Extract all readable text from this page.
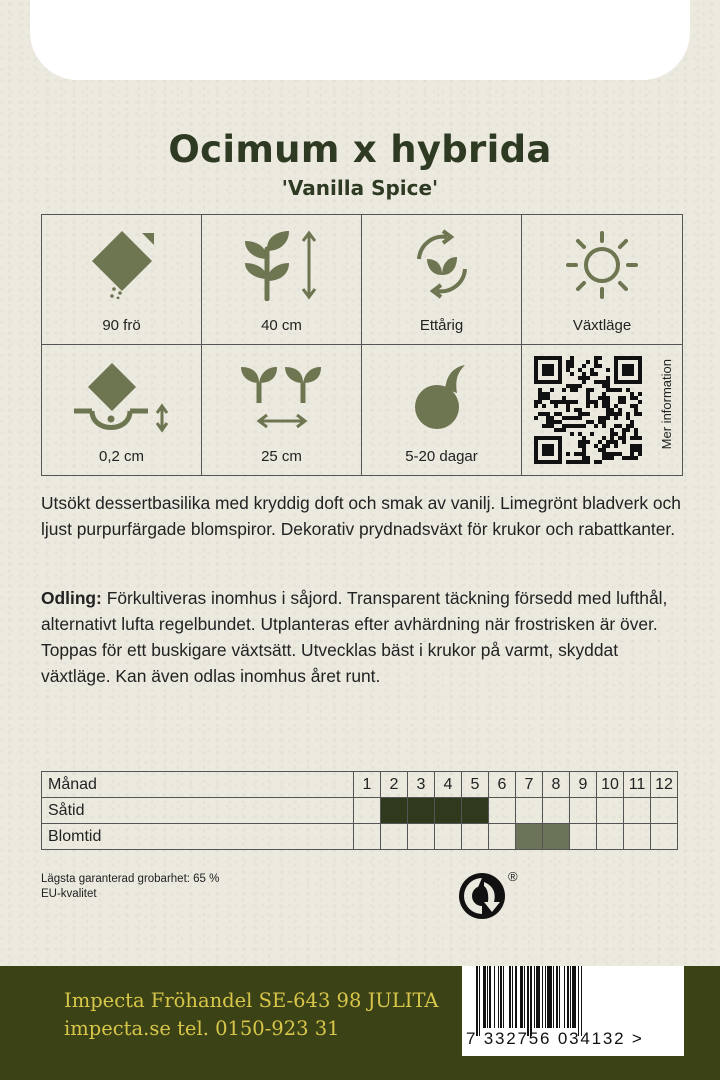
Ocimum x hybrida
'Vanilla Spice'
90 frö	40 cm	Ettårig	Växtläge
0,2 cm	25 cm	5-20 dagar
Mer information
Utsökt dessertbasilika med kryddig doft och smak av vanilj. Limegrönt bladverk och ljust purpurfärgade blomspiror. Dekorativ prydnadsväxt för krukor och rabattkanter.
Odling: Förkultiveras inomhus i såjord. Transparent täckning försedd med lufthål, alternativt lufta regelbundet. Utplanteras efter avhärdning när frostrisken är över. Toppas för ett buskigare växtsätt. Utvecklas bäst i krukor på varmt, skyddat växtläge. Kan även odlas inomhus året runt.
Månad	1	2	3	4	5	6	7	8	9	10	11	12
Såtid												
Blomtid												
Lägsta garanterad grobarhet: 65 %
EU-kvalitet
®
Impecta Fröhandel SE-643 98 JULITA
impecta.se tel. 0150-923 31	7 332756 034132 >
